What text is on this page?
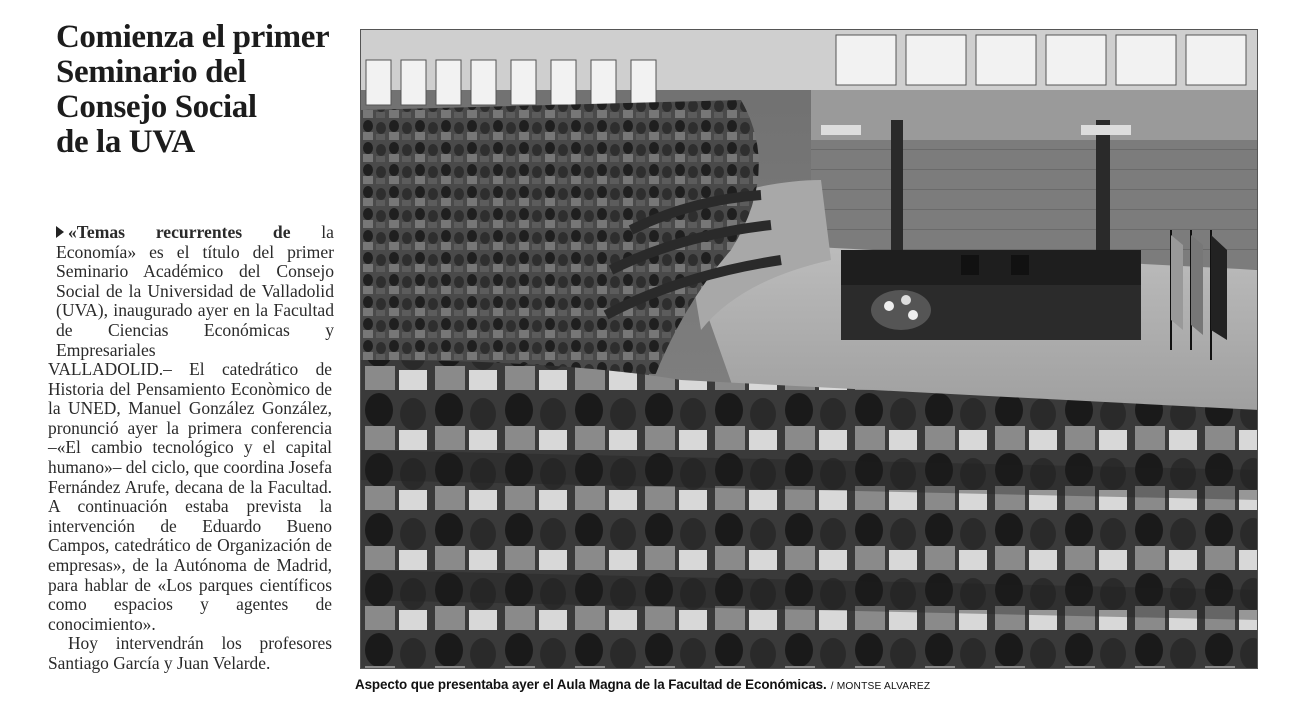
Comienza el primer
Seminario del
Consejo Social
de la UVA
«Temas recurrentes de la Economía» es el título del primer Seminario Académico del Consejo Social de la Universidad de Valladolid (UVA), inaugurado ayer en la Facultad de Ciencias Económicas y Empresariales

VALLADOLID.– El catedrático de Historia del Pensamiento Econòmico de la UNED, Manuel González González, pronunció ayer la primera conferencia –«El cambio tecnológico y el capital humano»– del ciclo, que coordina Josefa Fernández Arufe, decana de la Facultad. A continuación estaba prevista la intervención de Eduardo Bueno Campos, catedrático de Organización de empresas», de la Autónoma de Madrid, para hablar de «Los parques científicos como espacios y agentes de conocimiento».

Hoy intervendrán los profesores Santiago García y Juan Velarde.

Aspecto que presentaba ayer el Aula Magna de la Facultad de Económicas. / MONTSE ALVAREZ
